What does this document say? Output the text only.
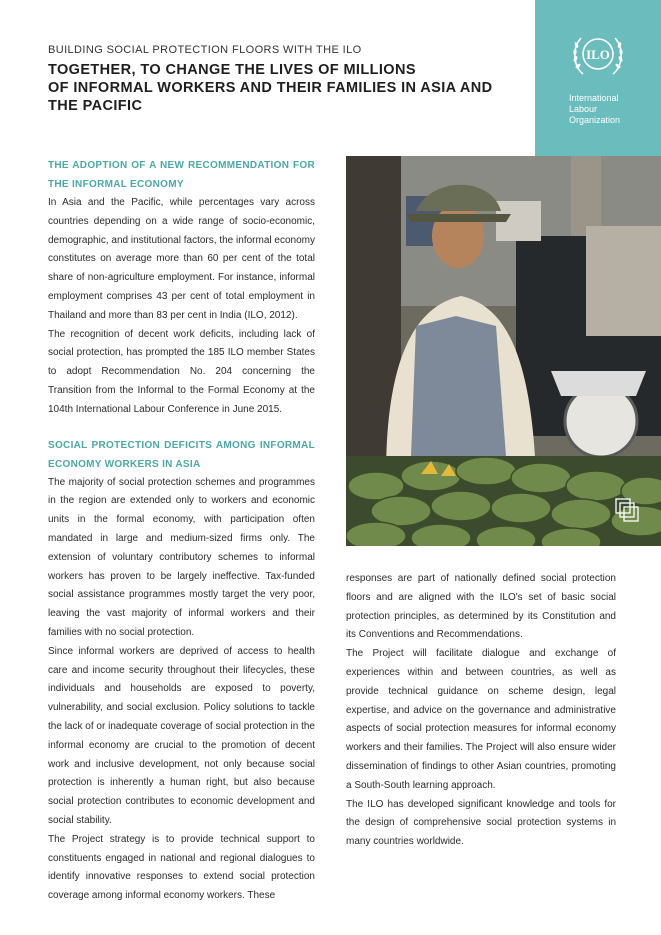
BUILDING SOCIAL PROTECTION FLOORS WITH THE ILO
TOGETHER, TO CHANGE THE LIVES OF MILLIONS
OF INFORMAL WORKERS AND THEIR FAMILIES IN ASIA AND THE PACIFIC
ILO
International
Labour
Organization

THE ADOPTION OF A NEW RECOMMENDATION FOR THE INFORMAL ECONOMY

In Asia and the Pacific, while percentages vary across countries depending on a wide range of socio-economic, demographic, and institutional factors, the informal economy constitutes on average more than 60 per cent of the total share of non-agriculture employment. For instance, informal employment comprises 43 per cent of total employment in Thailand and more than 83 per cent in India (ILO, 2012).

The recognition of decent work deficits, including lack of social protection, has prompted the 185 ILO member States to adopt Recommendation No. 204 concerning the Transition from the Informal to the Formal Economy at the 104th International Labour Conference in June 2015.

SOCIAL PROTECTION DEFICITS AMONG INFORMAL ECONOMY WORKERS IN ASIA

The majority of social protection schemes and programmes in the region are extended only to workers and economic units in the formal economy, with participation often mandated in large and medium-sized firms only. The extension of voluntary contributory schemes to informal workers has proven to be largely ineffective. Tax-funded social assistance programmes mostly target the very poor, leaving the vast majority of informal workers and their families with no social protection.

Since informal workers are deprived of access to health care and income security throughout their lifecycles, these individuals and households are exposed to poverty, vulnerability, and social exclusion. Policy solutions to tackle the lack of or inadequate coverage of social protection in the informal economy are crucial to the promotion of decent work and inclusive development, not only because social protection is inherently a human right, but also because social protection contributes to economic development and social stability.

The Project strategy is to provide technical support to constituents engaged in national and regional dialogues to identify innovative responses to extend social protection coverage among informal economy workers. These

responses are part of nationally defined social protection floors and are aligned with the ILO's set of basic social protection principles, as determined by its Constitution and its Conventions and Recommendations.

The Project will facilitate dialogue and exchange of experiences within and between countries, as well as provide technical guidance on scheme design, legal expertise, and advice on the governance and administrative aspects of social protection measures for informal economy workers and their families. The Project will also ensure wider dissemination of findings to other Asian countries, promoting a South-South learning approach.

The ILO has developed significant knowledge and tools for the design of comprehensive social protection systems in many countries worldwide.
